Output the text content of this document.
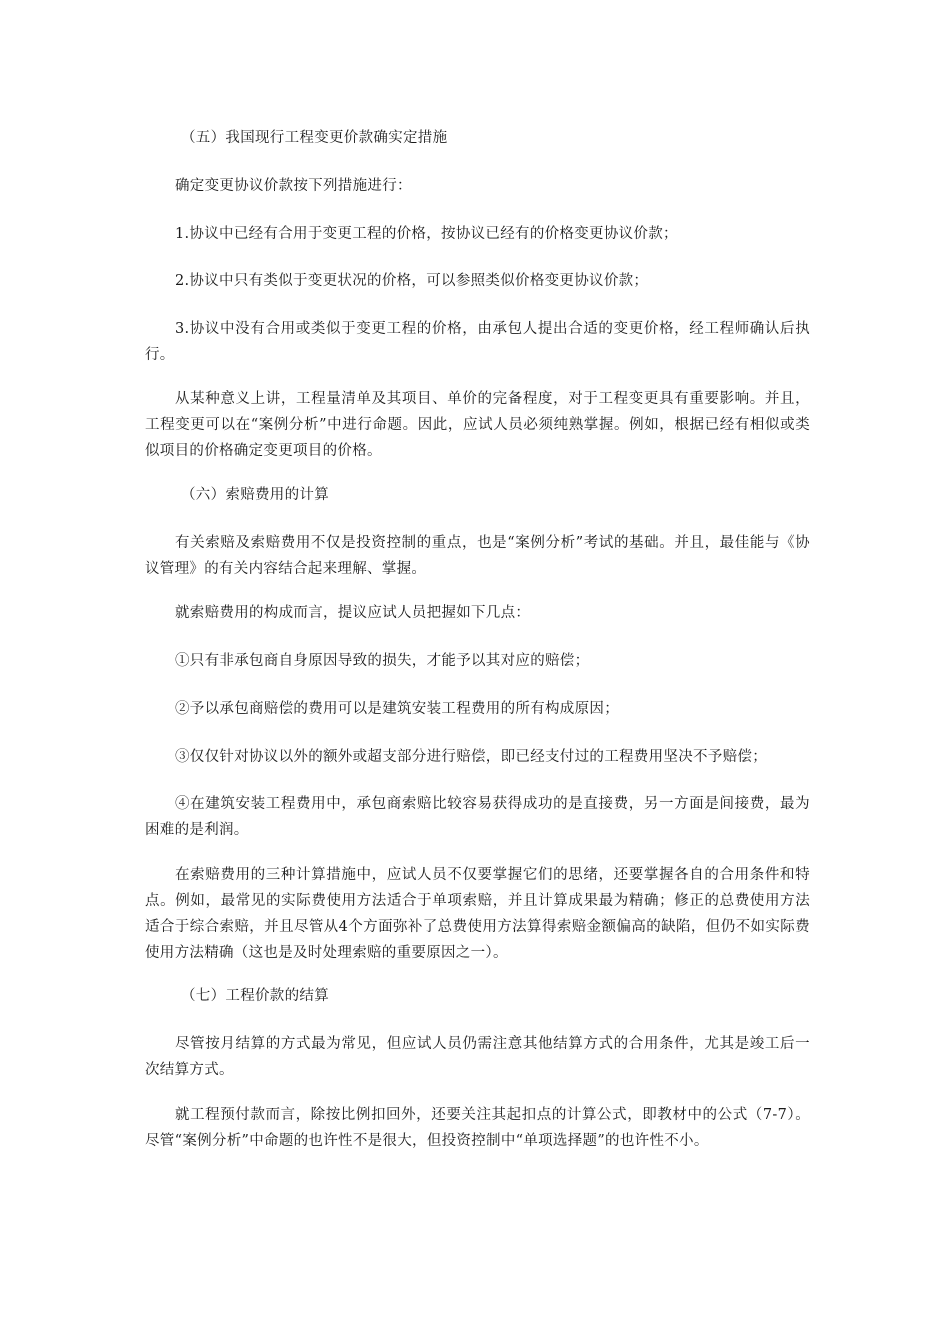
（五）我国现行工程变更价款确实定措施

确定变更协议价款按下列措施进行：

1.协议中已经有合用于变更工程的价格，按协议已经有的价格变更协议价款；

2.协议中只有类似于变更状况的价格，可以参照类似价格变更协议价款；

3.协议中没有合用或类似于变更工程的价格，由承包人提出合适的变更价格，经工程师确认后执行。

从某种意义上讲，工程量清单及其项目、单价的完备程度，对于工程变更具有重要影响。并且，工程变更可以在“案例分析”中进行命题。因此，应试人员必须纯熟掌握。例如，根据已经有相似或类似项目的价格确定变更项目的价格。

（六）索赔费用的计算

有关索赔及索赔费用不仅是投资控制的重点，也是“案例分析”考试的基础。并且，最佳能与《协议管理》的有关内容结合起来理解、掌握。

就索赔费用的构成而言，提议应试人员把握如下几点：

①只有非承包商自身原因导致的损失，才能予以其对应的赔偿；

②予以承包商赔偿的费用可以是建筑安装工程费用的所有构成原因；

③仅仅针对协议以外的额外或超支部分进行赔偿，即已经支付过的工程费用坚决不予赔偿；

④在建筑安装工程费用中，承包商索赔比较容易获得成功的是直接费，另一方面是间接费，最为困难的是利润。

在索赔费用的三种计算措施中，应试人员不仅要掌握它们的思绪，还要掌握各自的合用条件和特点。例如，最常见的实际费使用方法适合于单项索赔，并且计算成果最为精确；修正的总费使用方法适合于综合索赔，并且尽管从4个方面弥补了总费使用方法算得索赔金额偏高的缺陷，但仍不如实际费使用方法精确（这也是及时处理索赔的重要原因之一）。

（七）工程价款的结算

尽管按月结算的方式最为常见，但应试人员仍需注意其他结算方式的合用条件，尤其是竣工后一次结算方式。

就工程预付款而言，除按比例扣回外，还要关注其起扣点的计算公式，即教材中的公式（7-7）。尽管“案例分析”中命题的也许性不是很大，但投资控制中“单项选择题”的也许性不小。
